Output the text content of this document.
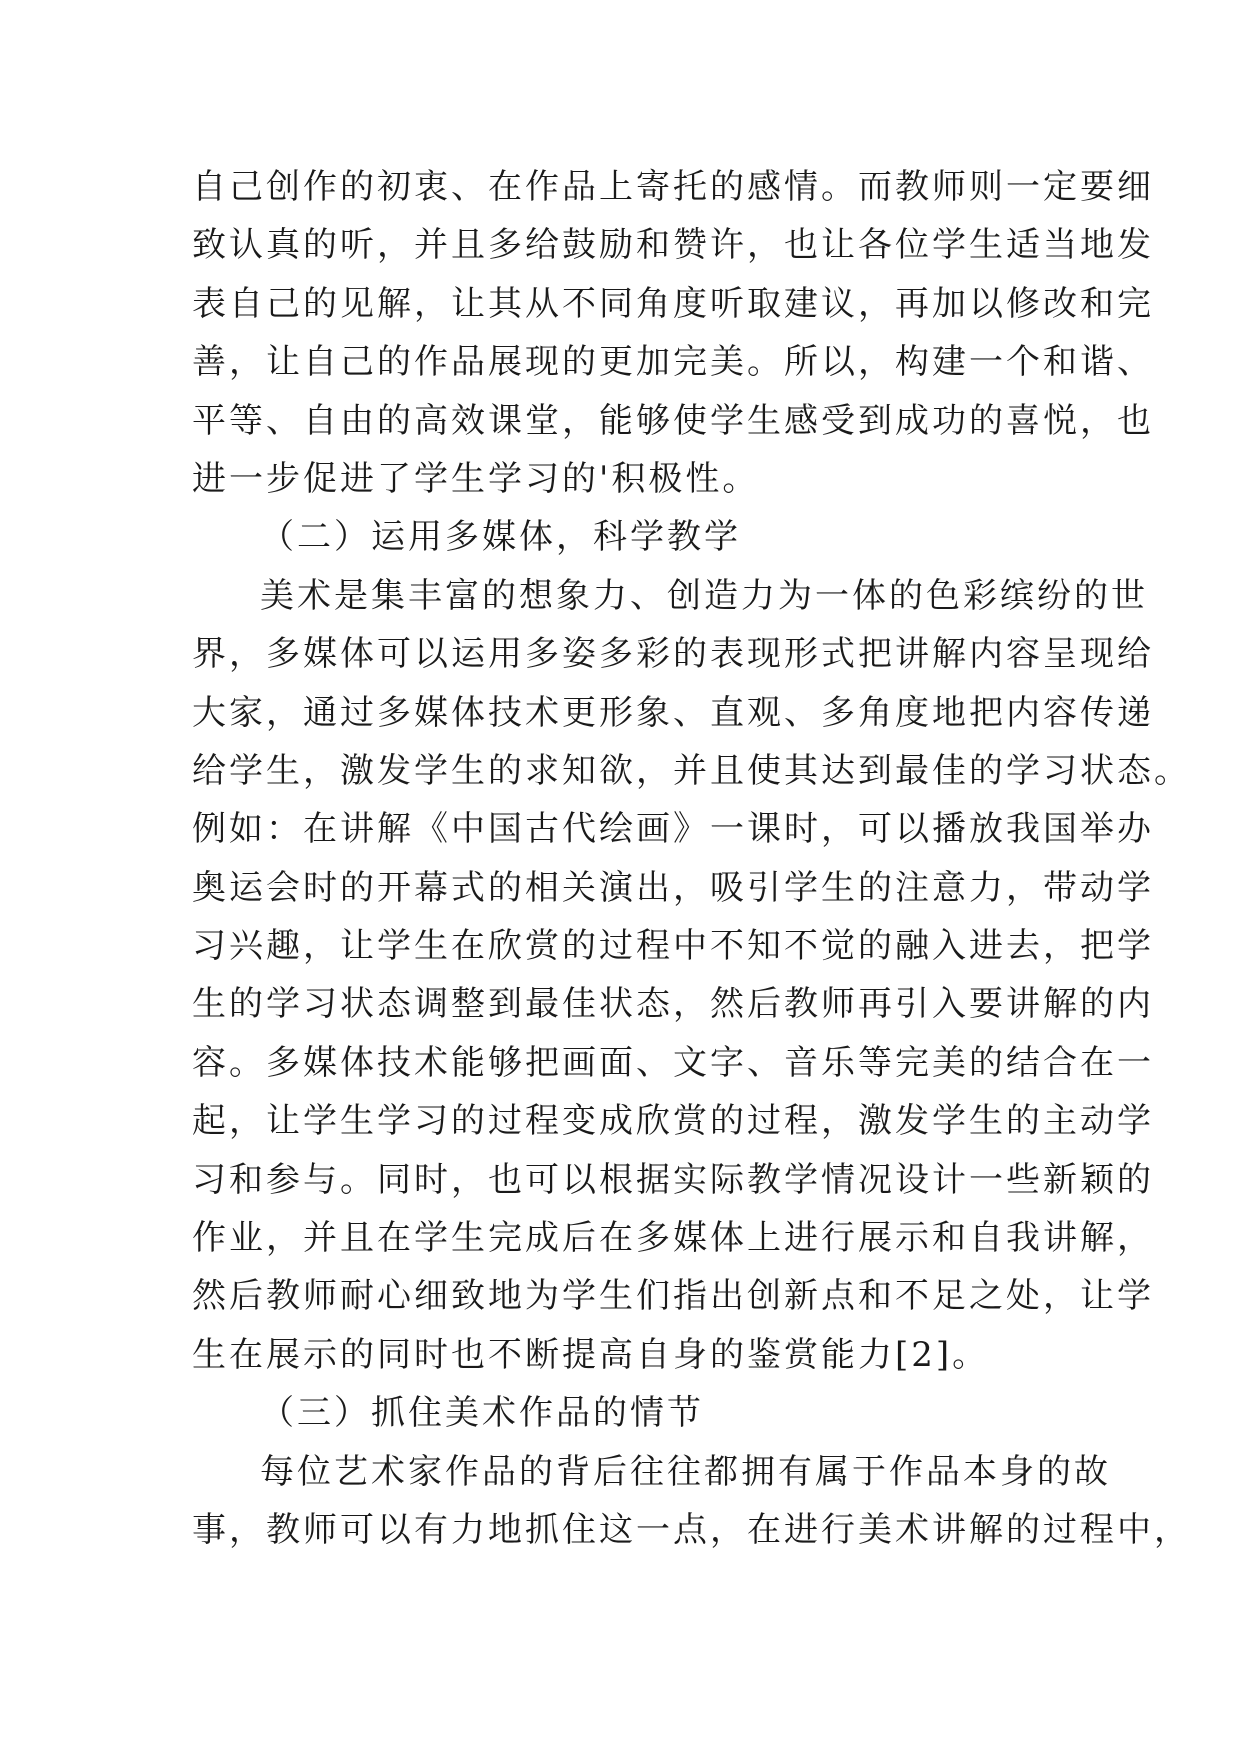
自己创作的初衷、在作品上寄托的感情。而教师则一定要细
致认真的听，并且多给鼓励和赞许，也让各位学生适当地发
表自己的见解，让其从不同角度听取建议，再加以修改和完
善，让自己的作品展现的更加完美。所以，构建一个和谐、
平等、自由的高效课堂，能够使学生感受到成功的喜悦，也
进一步促进了学生学习的'积极性。
（二）运用多媒体，科学教学
美术是集丰富的想象力、创造力为一体的色彩缤纷的世
界，多媒体可以运用多姿多彩的表现形式把讲解内容呈现给
大家，通过多媒体技术更形象、直观、多角度地把内容传递
给学生，激发学生的求知欲，并且使其达到最佳的学习状态。
例如：在讲解《中国古代绘画》一课时，可以播放我国举办
奥运会时的开幕式的相关演出，吸引学生的注意力，带动学
习兴趣，让学生在欣赏的过程中不知不觉的融入进去，把学
生的学习状态调整到最佳状态，然后教师再引入要讲解的内
容。多媒体技术能够把画面、文字、音乐等完美的结合在一
起，让学生学习的过程变成欣赏的过程，激发学生的主动学
习和参与。同时，也可以根据实际教学情况设计一些新颖的
作业，并且在学生完成后在多媒体上进行展示和自我讲解，
然后教师耐心细致地为学生们指出创新点和不足之处，让学
生在展示的同时也不断提高自身的鉴赏能力[2]。
（三）抓住美术作品的情节
每位艺术家作品的背后往往都拥有属于作品本身的故
事，教师可以有力地抓住这一点，在进行美术讲解的过程中，
